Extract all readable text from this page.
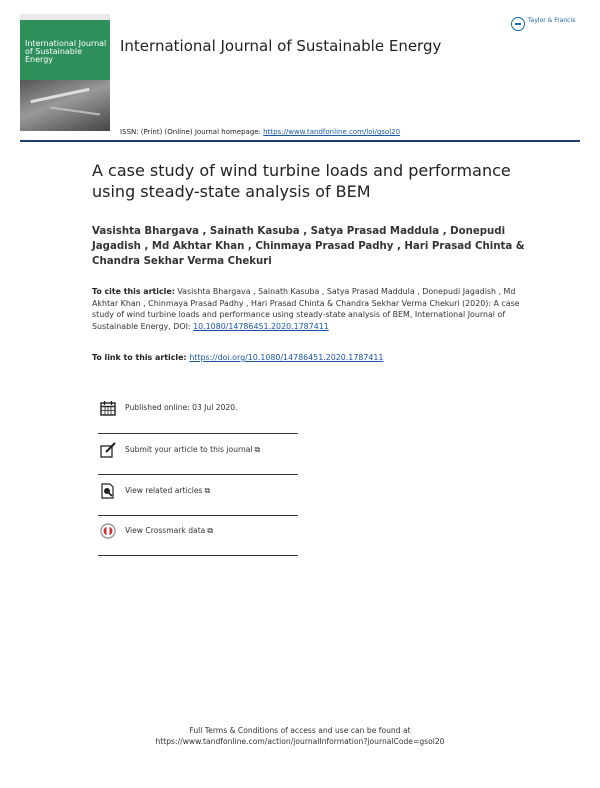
International Journal of Sustainable Energy
International Journal of Sustainable Energy
Taylor & Francis
ISSN: (Print) (Online) Journal homepage: https://www.tandfonline.com/loi/gsol20
A case study of wind turbine loads and performance using steady-state analysis of BEM
Vasishta Bhargava , Sainath Kasuba , Satya Prasad Maddula , Donepudi Jagadish , Md Akhtar Khan , Chinmaya Prasad Padhy , Hari Prasad Chinta & Chandra Sekhar Verma Chekuri
To cite this article: Vasishta Bhargava , Sainath Kasuba , Satya Prasad Maddula , Donepudi Jagadish , Md Akhtar Khan , Chinmaya Prasad Padhy , Hari Prasad Chinta & Chandra Sekhar Verma Chekuri (2020): A case study of wind turbine loads and performance using steady-state analysis of BEM, International Journal of Sustainable Energy, DOI: 10.1080/14786451.2020.1787411
To link to this article: https://doi.org/10.1080/14786451.2020.1787411
Published online: 03 Jul 2020.
Submit your article to this journal ⧉
View related articles ⧉
View Crossmark data ⧉
Full Terms & Conditions of access and use can be found at
https://www.tandfonline.com/action/journalInformation?journalCode=gsol20
